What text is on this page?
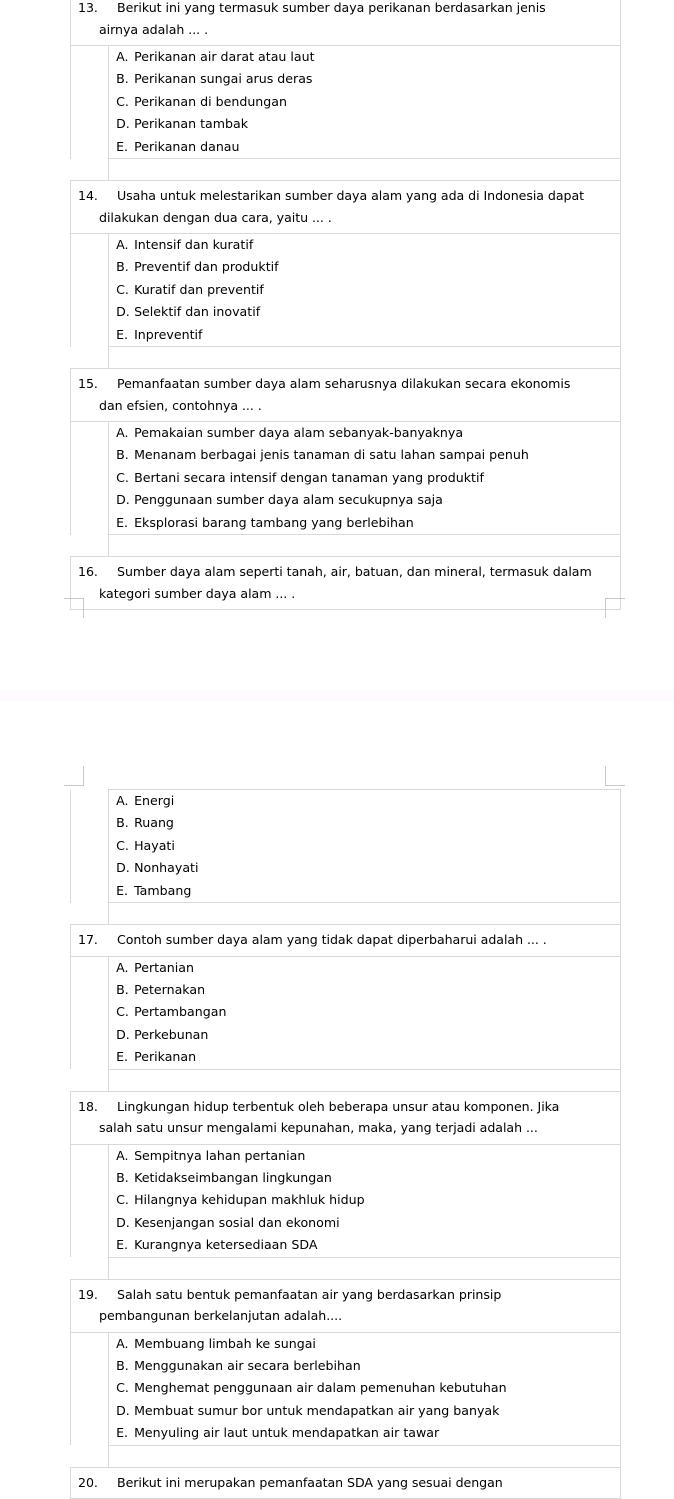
13. Berikut ini yang termasuk sumber daya perikanan berdasarkan jenis
airnya adalah ... .	

	A. Perikanan air darat atau laut
	B. Perikanan sungai arus deras
	C. Perikanan di bendungan
	D. Perikanan tambak
	E. Perikanan danau

14. Usaha untuk melestarikan sumber daya alam yang ada di Indonesia dapat
dilakukan dengan dua cara, yaitu ... .	

	A. Intensif dan kuratif
	B. Preventif dan produktif
	C. Kuratif dan preventif
	D. Selektif dan inovatif
	E. Inpreventif

15. Pemanfaatan sumber daya alam seharusnya dilakukan secara ekonomis
dan efsien, contohnya ... .	

	A. Pemakaian sumber daya alam sebanyak-banyaknya
	B. Menanam berbagai jenis tanaman di satu lahan sampai penuh
	C. Bertani secara intensif dengan tanaman yang produktif
	D. Penggunaan sumber daya alam secukupnya saja
	E. Eksplorasi barang tambang yang berlebihan

16. Sumber daya alam seperti tanah, air, batuan, dan mineral, termasuk dalam
kategori sumber daya alam ... .	
	A. Energi
	B. Ruang
	C. Hayati
	D. Nonhayati
	E. Tambang

17. Contoh sumber daya alam yang tidak dapat diperbaharui adalah ... .	

	A. Pertanian
	B. Peternakan
	C. Pertambangan
	D. Perkebunan
	E. Perikanan

18. Lingkungan hidup terbentuk oleh beberapa unsur atau komponen. Jika
salah satu unsur mengalami kepunahan, maka, yang terjadi adalah ...	

	A. Sempitnya lahan pertanian
	B. Ketidakseimbangan lingkungan
	C. Hilangnya kehidupan makhluk hidup
	D. Kesenjangan sosial dan ekonomi
	E. Kurangnya ketersediaan SDA

19. Salah satu bentuk pemanfaatan air yang berdasarkan prinsip
pembangunan berkelanjutan adalah....	

	A. Membuang limbah ke sungai
	B. Menggunakan air secara berlebihan
	C. Menghemat penggunaan air dalam pemenuhan kebutuhan
	D. Membuat sumur bor untuk mendapatkan air yang banyak
	E. Menyuling air laut untuk mendapatkan air tawar

20. Berikut ini merupakan pemanfaatan SDA yang sesuai dengan	
